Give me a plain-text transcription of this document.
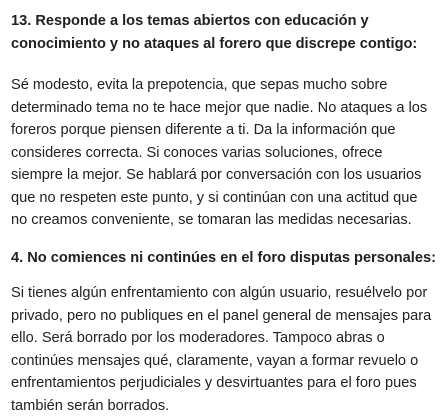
13. Responde a los temas abiertos con educación y conocimiento y no ataques al forero que discrepe contigo:

Sé modesto, evita la prepotencia, que sepas mucho sobre determinado tema no te hace mejor que nadie. No ataques a los foreros porque piensen diferente a ti. Da la información que consideres correcta. Si conoces varias soluciones, ofrece siempre la mejor. Se hablará por conversación con los usuarios que no respeten este punto, y si continúan con una actitud que no creamos conveniente, se tomaran las medidas necesarias.

4. No comiences ni continúes en el foro disputas personales:

Si tienes algún enfrentamiento con algún usuario, resuélvelo por privado, pero no publiques en el panel general de mensajes para ello. Será borrado por los moderadores. Tampoco abras o continúes mensajes qué, claramente, vayan a formar revuelo o enfrentamientos perjudiciales y desvirtuantes para el foro pues también serán borrados.
